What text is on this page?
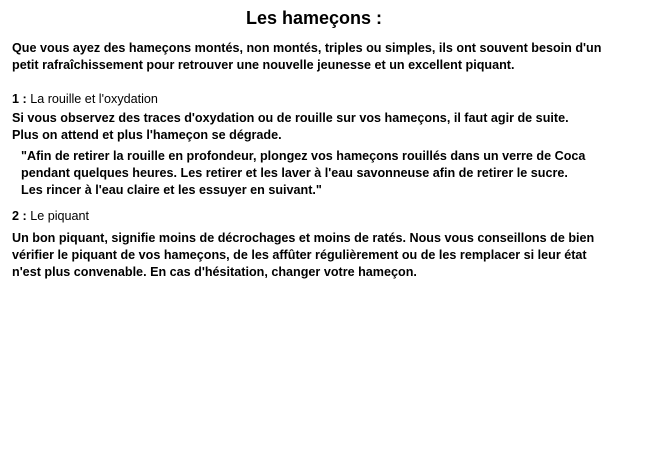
Les hameçons :
Que vous ayez des hameçons montés, non montés, triples ou simples, ils ont souvent besoin d'un
petit rafraîchissement pour retrouver une nouvelle jeunesse et un excellent piquant.
1 : La rouille et l'oxydation
Si vous observez des traces d'oxydation ou de rouille sur vos hameçons, il faut agir de suite.
Plus on attend et plus l'hameçon se dégrade.
"Afin de retirer la rouille en profondeur, plongez vos hameçons rouillés dans un verre de Coca
pendant quelques heures. Les retirer et les laver à l'eau savonneuse afin de retirer le sucre.
Les rincer à l'eau claire et les essuyer en suivant."
2 : Le piquant
Un bon piquant, signifie moins de décrochages et moins de ratés. Nous vous conseillons de bien
vérifier le piquant de vos hameçons, de les affûter régulièrement ou de les remplacer si leur état
n'est plus convenable. En cas d'hésitation, changer votre hameçon.
